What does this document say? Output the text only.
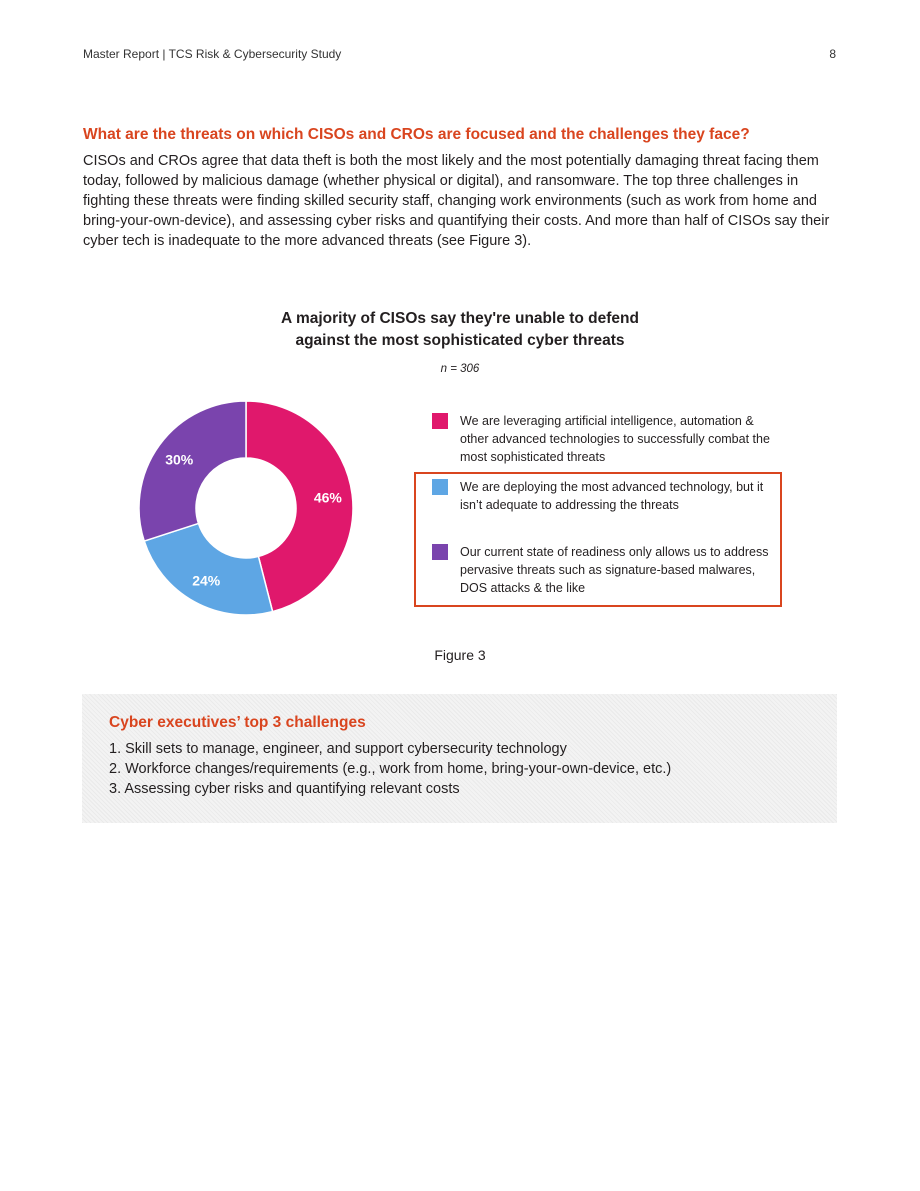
Master Report | TCS Risk & Cybersecurity Study	8
What are the threats on which CISOs and CROs are focused and the challenges they face?
CISOs and CROs agree that data theft is both the most likely and the most potentially damaging threat facing them today, followed by malicious damage (whether physical or digital), and ransomware. The top three challenges in fighting these threats were finding skilled security staff, changing work environments (such as work from home and bring-your-own-device), and assessing cyber risks and quantifying their costs. And more than half of CISOs say their cyber tech is inadequate to the more advanced threats (see Figure 3).
A majority of CISOs say they're unable to defend
against the most sophisticated cyber threats
n = 306
46%
24%
30%
We are leveraging artificial intelligence, automation & other advanced technologies to successfully combat the most sophisticated threats
We are deploying the most advanced technology, but it isn’t adequate to addressing the threats
Our current state of readiness only allows us to address pervasive threats such as signature-based malwares, DOS attacks & the like
Figure 3
Cyber executives’ top 3 challenges
1. Skill sets to manage, engineer, and support cybersecurity technology
2. Workforce changes/requirements (e.g., work from home, bring-your-own-device, etc.)
3. Assessing cyber risks and quantifying relevant costs
